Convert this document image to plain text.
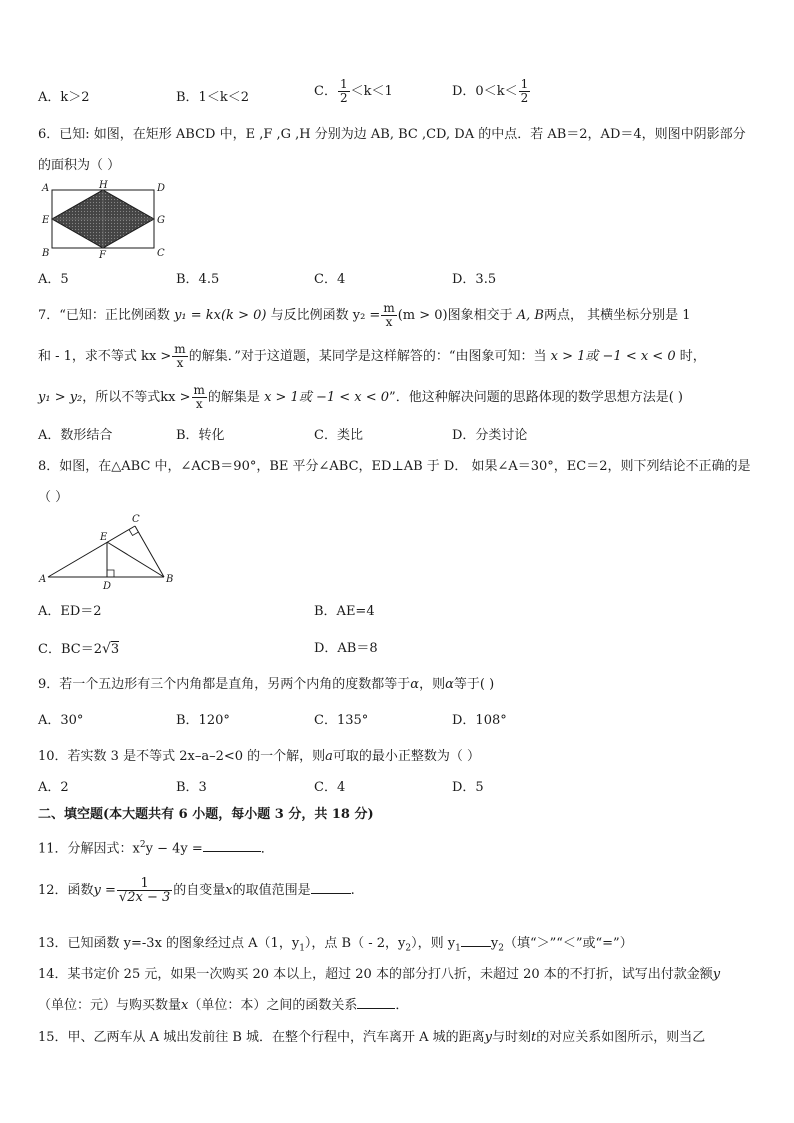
A．k＞2	B．1＜k＜2	C． $\frac{1}{2} <k<1$	D．$0<k< \frac{1}{2}$
6．已知: 如图，在矩形 ABCD 中，E ,F ,G ,H 分别为边 AB, BC ,CD, DA 的中点．若 AB＝2，AD＝4，则图中阴影部分
的面积为（ ）
A	H	D
E	G
B	F	C
A．5	B．4.5	C．4	D．3.5
7．“已知：正比例函数 y₁ = kx(k > 0) 与反比例函数 $y_2 = \frac{m}{x} (m > 0)$图象相交于 A, B两点， 其横坐标分别是 1
和 - 1，求不等式 kx > $\frac{m}{x}$ 的解集．”对于这道题，某同学是这样解答的：“由图象可知：当 x > 1或 −1 < x < 0 时，
y₁ > y₂，所以不等式kx > $\frac{m}{x}$ 的解集是 x > 1或 −1 < x < 0”．他这种解决问题的思路体现的数学思想方法是( )
A．数形结合	B．转化	C．类比	D．分类讨论
8．如图，在△ABC 中，∠ACB＝90°，BE 平分∠ABC，ED⊥AB 于 D． 如果∠A＝30°，EC＝2，则下列结论不正确的是
（ ）
C
E
A
D
B
A．ED＝2	B．AE=4
C．BC＝2√3	D．AB＝8
9．若一个五边形有三个内角都是直角，另两个内角的度数都等于α，则α等于( )
A．30°	B．120°	C．135°	D．108°
10．若实数 3 是不等式 2x–a–2<0 的一个解，则a可取的最小正整数为（ ）
A．2	B．3	C．4	D．5
二、填空题(本大题共有 6 小题，每小题 3 分，共 18 分)
11．分解因式：$x^2y - 4y$ =	．
12．函数$y = \frac{1}{√2x - 3}$ 的自变量x的取值范围是	.
13．已知函数 y=-3x 的图象经过点 A（1，$y_1$），点 B（ - 2，$y_2$），则 $y_1$ $y_2$（填“＞”“＜”或“=”）
14．某书定价 25 元，如果一次购买 20 本以上，超过 20 本的部分打八折，未超过 20 本的不打折，试写出付款金额y
（单位：元）与购买数量x（单位：本）之间的函数关系	．
15．甲、乙两车从 A 城出发前往 B 城．在整个行程中，汽车离开 A 城的距离y与时刻t的对应关系如图所示，则当乙
